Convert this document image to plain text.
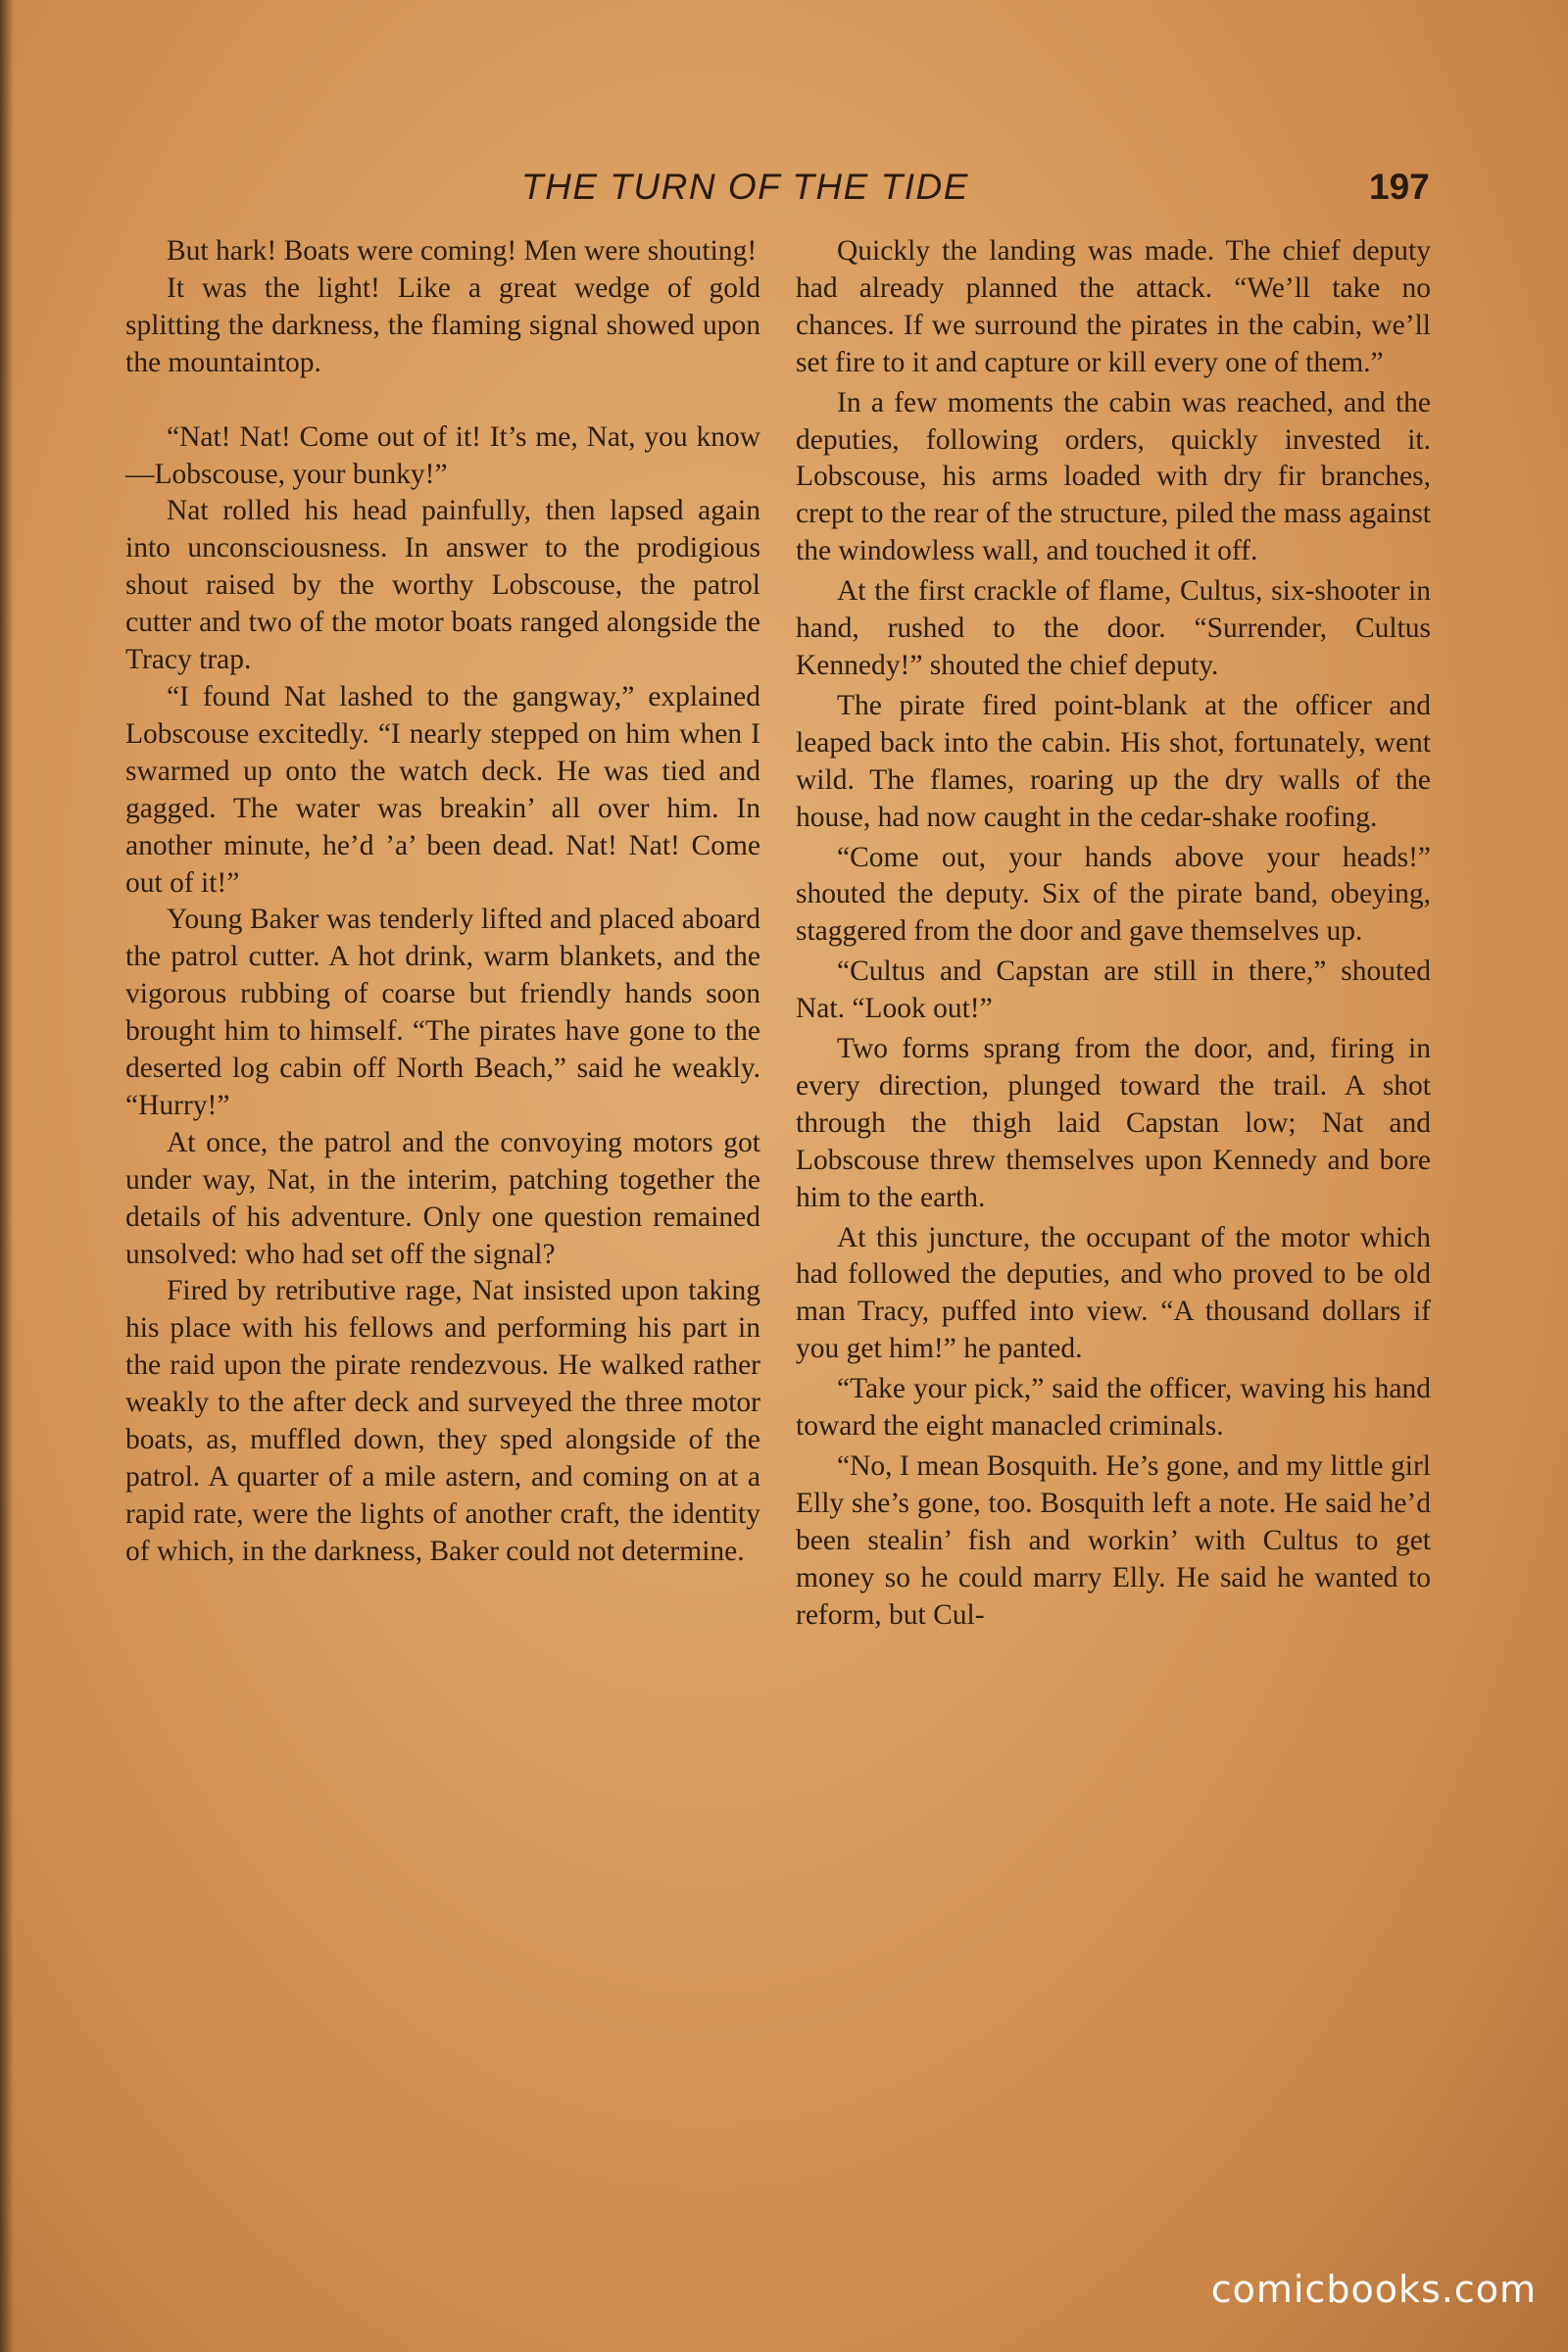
THE TURN OF THE TIDE	197

But hark! Boats were coming! Men were shouting!

It was the light! Like a great wedge of gold splitting the darkness, the flaming signal showed upon the mountaintop.

“Nat! Nat! Come out of it! It’s me, Nat, you know—Lobscouse, your bunky!”

Nat rolled his head painfully, then lapsed again into unconsciousness. In answer to the prodigious shout raised by the worthy Lobscouse, the patrol cutter and two of the motor boats ranged alongside the Tracy trap.

“I found Nat lashed to the gangway,” explained Lobscouse excitedly. “I nearly stepped on him when I swarmed up onto the watch deck. He was tied and gagged. The water was breakin’ all over him. In another minute, he’d ’a’ been dead. Nat! Nat! Come out of it!”

Young Baker was tenderly lifted and placed aboard the patrol cutter. A hot drink, warm blankets, and the vigorous rubbing of coarse but friendly hands soon brought him to himself. “The pirates have gone to the deserted log cabin off North Beach,” said he weakly. “Hurry!”

At once, the patrol and the convoying motors got under way, Nat, in the interim, patching together the details of his adventure. Only one question remained unsolved: who had set off the signal?

Fired by retributive rage, Nat insisted upon taking his place with his fellows and performing his part in the raid upon the pirate rendezvous. He walked rather weakly to the after deck and surveyed the three motor boats, as, muffled down, they sped alongside of the patrol. A quarter of a mile astern, and coming on at a rapid rate, were the lights of another craft, the identity of which, in the darkness, Baker could not determine.

Quickly the landing was made. The chief deputy had already planned the attack. “We’ll take no chances. If we surround the pirates in the cabin, we’ll set fire to it and capture or kill every one of them.”

In a few moments the cabin was reached, and the deputies, following orders, quickly invested it. Lobscouse, his arms loaded with dry fir branches, crept to the rear of the structure, piled the mass against the windowless wall, and touched it off.

At the first crackle of flame, Cultus, six-shooter in hand, rushed to the door. “Surrender, Cultus Kennedy!” shouted the chief deputy.

The pirate fired point-blank at the officer and leaped back into the cabin. His shot, fortunately, went wild. The flames, roaring up the dry walls of the house, had now caught in the cedar-shake roofing.

“Come out, your hands above your heads!” shouted the deputy. Six of the pirate band, obeying, staggered from the door and gave themselves up.

“Cultus and Capstan are still in there,” shouted Nat. “Look out!”

Two forms sprang from the door, and, firing in every direction, plunged toward the trail. A shot through the thigh laid Capstan low; Nat and Lobscouse threw themselves upon Kennedy and bore him to the earth.

At this juncture, the occupant of the motor which had followed the deputies, and who proved to be old man Tracy, puffed into view. “A thousand dollars if you get him!” he panted.

“Take your pick,” said the officer, waving his hand toward the eight manacled criminals.

“No, I mean Bosquith. He’s gone, and my little girl Elly she’s gone, too. Bosquith left a note. He said he’d been stealin’ fish and workin’ with Cultus to get money so he could marry Elly. He said he wanted to reform, but Cul-

comicbooks.com
